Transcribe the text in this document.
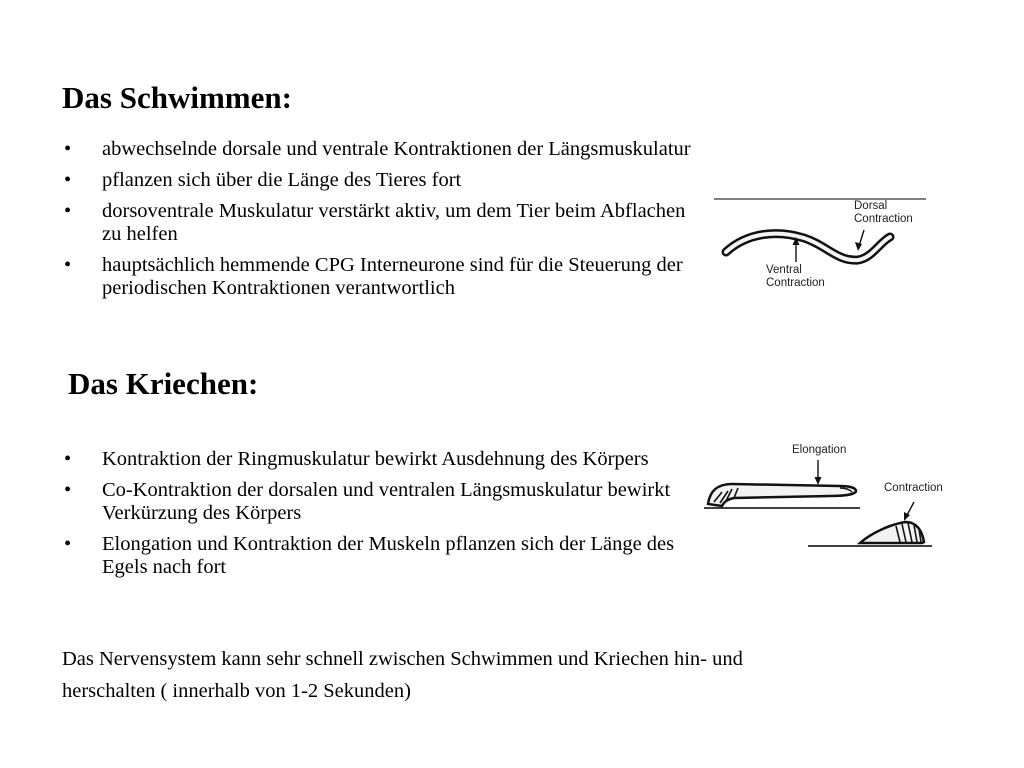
Das Schwimmen:
• abwechselnde dorsale und ventrale Kontraktionen der Längsmuskulatur
• pflanzen sich über die Länge des Tieres fort
• dorsoventrale Muskulatur verstärkt aktiv, um dem Tier beim Abflachen zu helfen
• hauptsächlich hemmende CPG Interneurone sind für die Steuerung der periodischen Kontraktionen verantwortlich

Dorsal
Contraction

Ventral
Contraction

Das Kriechen:
• Kontraktion der Ringmuskulatur bewirkt Ausdehnung des Körpers
• Co-Kontraktion der dorsalen und ventralen Längsmuskulatur bewirkt Verkürzung des Körpers
• Elongation und Kontraktion der Muskeln pflanzen sich der Länge des Egels nach fort

Elongation

Contraction

Das Nervensystem kann sehr schnell zwischen Schwimmen und Kriechen hin- und
herschalten ( innerhalb von 1-2 Sekunden)
